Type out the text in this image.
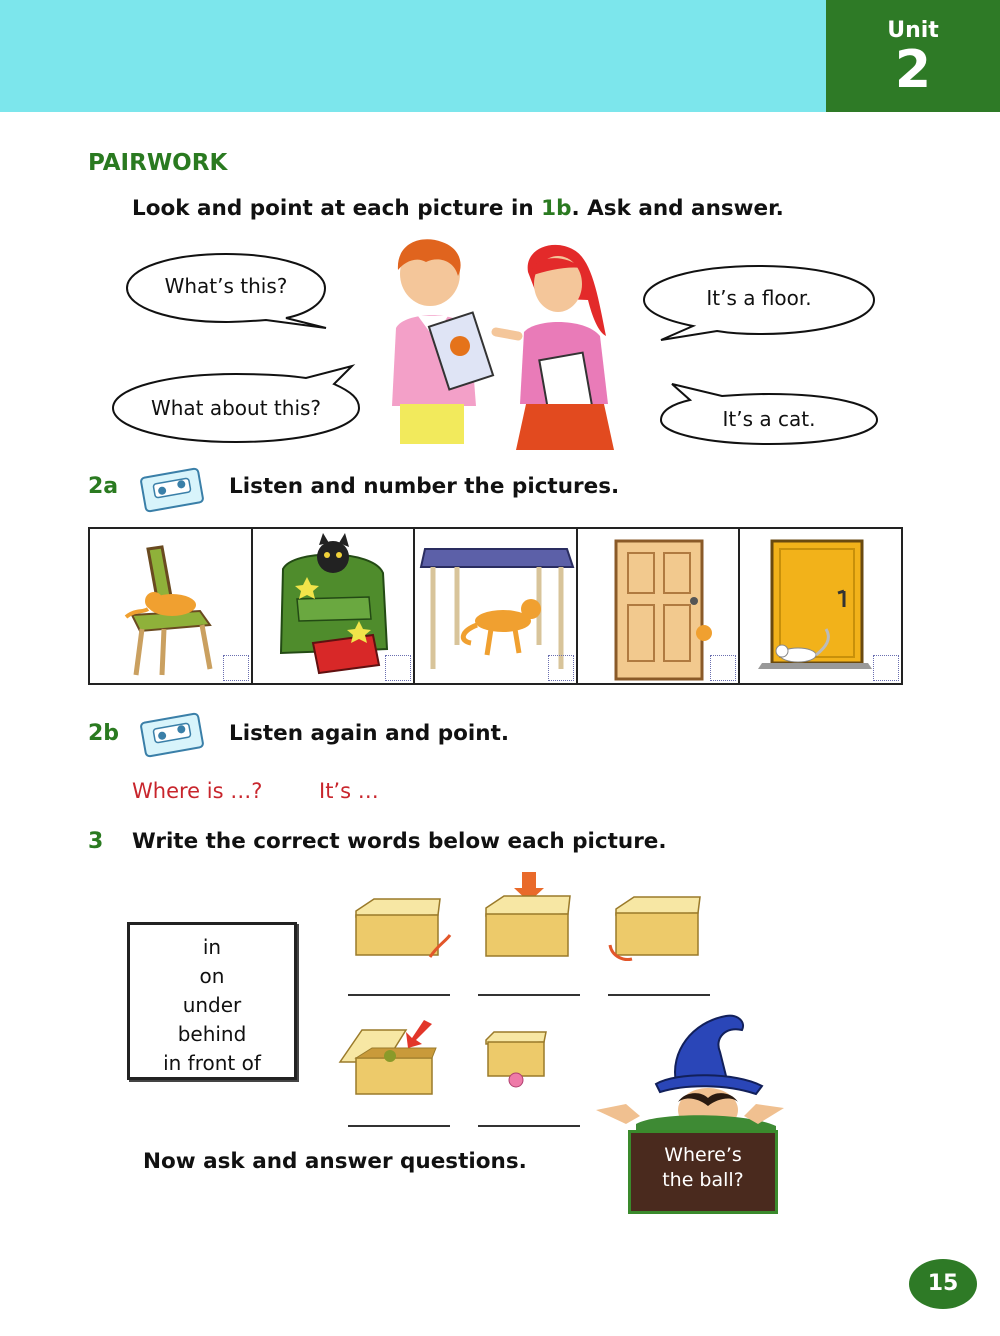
Unit
2
PAIRWORK
Look and point at each picture in 1b. Ask and answer.
What’s this?	It’s a floor.
What about this?	It’s a cat.
2a	Listen and number the pictures.
2b	Listen again and point.
Where is …?	It’s …
3 Write the correct words below each picture.
in
on
under
behind
in front of
Where’s
the ball?
Now ask and answer questions.
15
